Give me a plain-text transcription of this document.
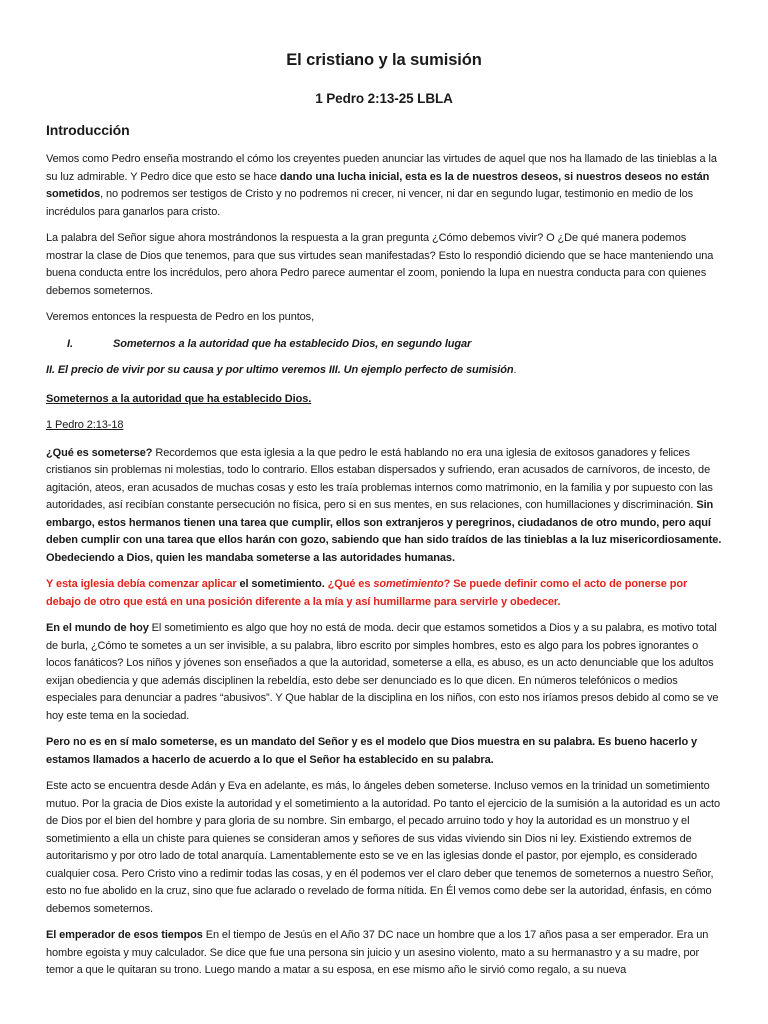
El cristiano y la sumisión
1 Pedro 2:13-25 LBLA
Introducción

Vemos como Pedro enseña mostrando el cómo los creyentes pueden anunciar las virtudes de aquel que nos ha llamado de las tinieblas a la su luz admirable. Y Pedro dice que esto se hace dando una lucha inicial, esta es la de nuestros deseos, si nuestros deseos no están sometidos, no podremos ser testigos de Cristo y no podremos ni crecer, ni vencer, ni dar en segundo lugar, testimonio en medio de los incrédulos para ganarlos para cristo.

La palabra del Señor sigue ahora mostrándonos la respuesta a la gran pregunta ¿Cómo debemos vivir? O ¿De qué manera podemos mostrar la clase de Dios que tenemos, para que sus virtudes sean manifestadas? Esto lo respondió diciendo que se hace manteniendo una buena conducta entre los incrédulos, pero ahora Pedro parece aumentar el zoom, poniendo la lupa en nuestra conducta para con quienes debemos someternos.

Veremos entonces la respuesta de Pedro en los puntos,

I.	Someternos a la autoridad que ha establecido Dios, en segundo lugar

II. El precio de vivir por su causa y por ultimo veremos III. Un ejemplo perfecto de sumisión.

Someternos a la autoridad que ha establecido Dios.

1 Pedro 2:13-18

¿Qué es someterse? Recordemos que esta iglesia a la que pedro le está hablando no era una iglesia de exitosos ganadores y felices cristianos sin problemas ni molestias, todo lo contrario. Ellos estaban dispersados y sufriendo, eran acusados de carnívoros, de incesto, de agitación, ateos, eran acusados de muchas cosas y esto les traía problemas internos como matrimonio, en la familia y por supuesto con las autoridades, así recibían constante persecución no física, pero si en sus mentes, en sus relaciones, con humillaciones y discriminación. Sin embargo, estos hermanos tienen una tarea que cumplir, ellos son extranjeros y peregrinos, ciudadanos de otro mundo, pero aquí deben cumplir con una tarea que ellos harán con gozo, sabiendo que han sido traídos de las tinieblas a la luz misericordiosamente. Obedeciendo a Dios, quien les mandaba someterse a las autoridades humanas.

Y esta iglesia debía comenzar aplicar el sometimiento. ¿Qué es sometimiento? Se puede definir como el acto de ponerse por debajo de otro que está en una posición diferente a la mía y así humillarme para servirle y obedecer.

En el mundo de hoy El sometimiento es algo que hoy no está de moda. decir que estamos sometidos a Dios y a su palabra, es motivo total de burla, ¿Cómo te sometes a un ser invisible, a su palabra, libro escrito por simples hombres, esto es algo para los pobres ignorantes o locos fanáticos? Los niños y jóvenes son enseñados a que la autoridad, someterse a ella, es abuso, es un acto denunciable que los adultos exijan obediencia y que además disciplinen la rebeldía, esto debe ser denunciado es lo que dicen. En números telefónicos o medios especiales para denunciar a padres “abusivos”. Y Que hablar de la disciplina en los niños, con esto nos iríamos presos debido al como se ve hoy este tema en la sociedad.

Pero no es en sí malo someterse, es un mandato del Señor y es el modelo que Dios muestra en su palabra. Es bueno hacerlo y estamos llamados a hacerlo de acuerdo a lo que el Señor ha establecido en su palabra.

Este acto se encuentra desde Adán y Eva en adelante, es más, lo ángeles deben someterse. Incluso vemos en la trinidad un sometimiento mutuo. Por la gracia de Dios existe la autoridad y el sometimiento a la autoridad. Po tanto el ejercicio de la sumisión a la autoridad es un acto de Dios por el bien del hombre y para gloria de su nombre. Sin embargo, el pecado arruino todo y hoy la autoridad es un monstruo y el sometimiento a ella un chiste para quienes se consideran amos y señores de sus vidas viviendo sin Dios ni ley. Existiendo extremos de autoritarismo y por otro lado de total anarquía. Lamentablemente esto se ve en las iglesias donde el pastor, por ejemplo, es considerado cualquier cosa. Pero Cristo vino a redimir todas las cosas, y en él podemos ver el claro deber que tenemos de someternos a nuestro Señor, esto no fue abolido en la cruz, sino que fue aclarado o revelado de forma nítida. En Él vemos como debe ser la autoridad, énfasis, en cómo debemos someternos.

El emperador de esos tiempos En el tiempo de Jesús en el Año 37 DC nace un hombre que a los 17 años pasa a ser emperador. Era un hombre egoista y muy calculador. Se dice que fue una persona sin juicio y un asesino violento, mato a su hermanastro y a su madre, por temor a que le quitaran su trono. Luego mando a matar a su esposa, en ese mismo año le sirvió como regalo, a su nueva
